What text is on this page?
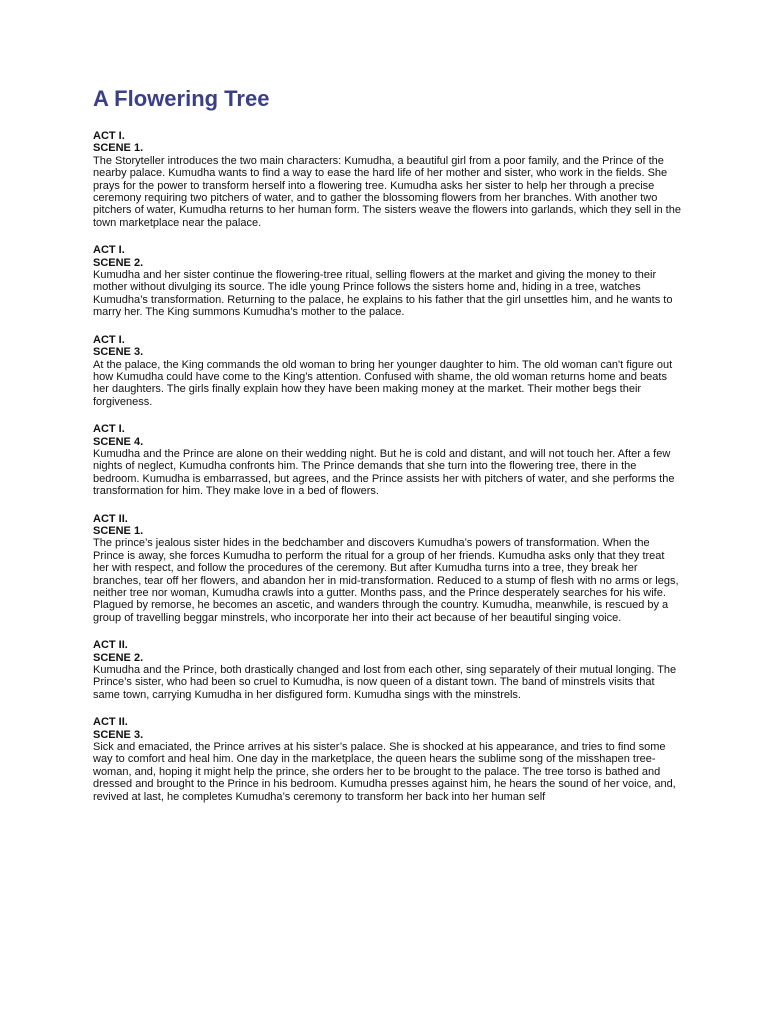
A Flowering Tree

ACT I.

SCENE 1.

The Storyteller introduces the two main characters: Kumudha, a beautiful girl from a poor family, and the Prince of the nearby palace. Kumudha wants to find a way to ease the hard life of her mother and sister, who work in the fields. She prays for the power to transform herself into a flowering tree. Kumudha asks her sister to help her through a precise ceremony requiring two pitchers of water, and to gather the blossoming flowers from her branches. With another two pitchers of water, Kumudha returns to her human form. The sisters weave the flowers into garlands, which they sell in the town marketplace near the palace.

ACT I.

SCENE 2.

Kumudha and her sister continue the flowering-tree ritual, selling flowers at the market and giving the money to their mother without divulging its source. The idle young Prince follows the sisters home and, hiding in a tree, watches Kumudha’s transformation. Returning to the palace, he explains to his father that the girl unsettles him, and he wants to marry her. The King summons Kumudha’s mother to the palace.

ACT I.

SCENE 3.

At the palace, the King commands the old woman to bring her younger daughter to him. The old woman can't figure out how Kumudha could have come to the King’s attention. Confused with shame, the old woman returns home and beats her daughters. The girls finally explain how they have been making money at the market. Their mother begs their forgiveness.

ACT I.

SCENE 4.

Kumudha and the Prince are alone on their wedding night. But he is cold and distant, and will not touch her. After a few nights of neglect, Kumudha confronts him. The Prince demands that she turn into the flowering tree, there in the bedroom. Kumudha is embarrassed, but agrees, and the Prince assists her with pitchers of water, and she performs the transformation for him. They make love in a bed of flowers.

ACT II.

SCENE 1.

The prince’s jealous sister hides in the bedchamber and discovers Kumudha’s powers of transformation. When the Prince is away, she forces Kumudha to perform the ritual for a group of her friends. Kumudha asks only that they treat her with respect, and follow the procedures of the ceremony. But after Kumudha turns into a tree, they break her branches, tear off her flowers, and abandon her in mid-transformation. Reduced to a stump of flesh with no arms or legs, neither tree nor woman, Kumudha crawls into a gutter. Months pass, and the Prince desperately searches for his wife. Plagued by remorse, he becomes an ascetic, and wanders through the country. Kumudha, meanwhile, is rescued by a group of travelling beggar minstrels, who incorporate her into their act because of her beautiful singing voice.

ACT II.

SCENE 2.

Kumudha and the Prince, both drastically changed and lost from each other, sing separately of their mutual longing. The Prince’s sister, who had been so cruel to Kumudha, is now queen of a distant town. The band of minstrels visits that same town, carrying Kumudha in her disfigured form. Kumudha sings with the minstrels.

ACT II.

SCENE 3.

Sick and emaciated, the Prince arrives at his sister’s palace. She is shocked at his appearance, and tries to find some way to comfort and heal him. One day in the marketplace, the queen hears the sublime song of the misshapen tree-woman, and, hoping it might help the prince, she orders her to be brought to the palace. The tree torso is bathed and dressed and brought to the Prince in his bedroom. Kumudha presses against him, he hears the sound of her voice, and, revived at last, he completes Kumudha’s ceremony to transform her back into her human self
